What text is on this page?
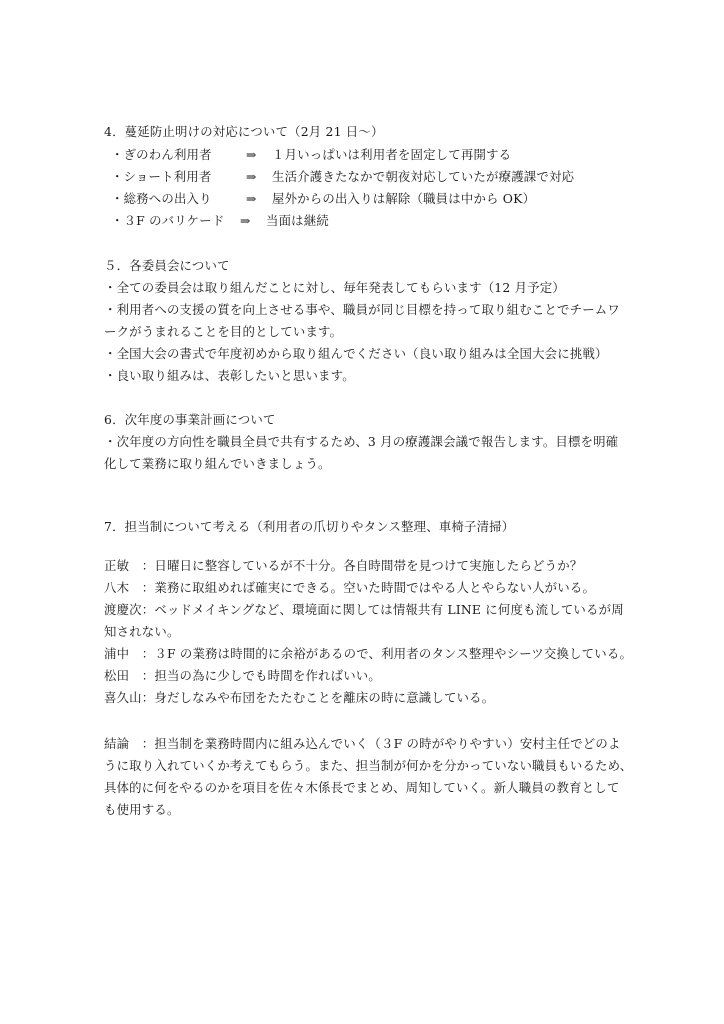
4．蔓延防止明けの対応について（2月 21 日〜）
・ぎのわん利用者	⇒ １月いっぱいは利用者を固定して再開する
・ショート利用者	⇒ 生活介護きたなかで朝夜対応していたが療護課で対応
・総務への出入り	⇒ 屋外からの出入りは解除（職員は中から OK）
・３F のバリケード ⇒ 当面は継続
５．各委員会について
・全ての委員会は取り組んだことに対し、毎年発表してもらいます（12 月予定）
・利用者への支援の質を向上させる事や、職員が同じ目標を持って取り組むことでチームワ
ークがうまれることを目的としています。
・全国大会の書式で年度初めから取り組んでください（良い取り組みは全国大会に挑戦）
・良い取り組みは、表彰したいと思います。
6．次年度の事業計画について
・次年度の方向性を職員全員で共有するため、3 月の療護課会議で報告します。目標を明確
化して業務に取り組んでいきましょう。
7．担当制について考える（利用者の爪切りやタンス整理、車椅子清掃）
正敏　：日曜日に整容しているが不十分。各自時間帯を見つけて実施したらどうか？
八木　：業務に取組めれば確実にできる。空いた時間ではやる人とやらない人がいる。
渡慶次：ベッドメイキングなど、環境面に関しては情報共有 LINE に何度も流しているが周
知されない。
浦中　：３F の業務は時間的に余裕があるので、利用者のタンス整理やシーツ交換している。
松田　：担当の為に少しでも時間を作ればいい。
喜久山：身だしなみや布団をたたむことを離床の時に意識している。
結論　：担当制を業務時間内に組み込んでいく（３F の時がやりやすい）安村主任でどのよ
うに取り入れていくか考えてもらう。また、担当制が何かを分かっていない職員もいるため、
具体的に何をやるのかを項目を佐々木係長でまとめ、周知していく。新人職員の教育として
も使用する。
